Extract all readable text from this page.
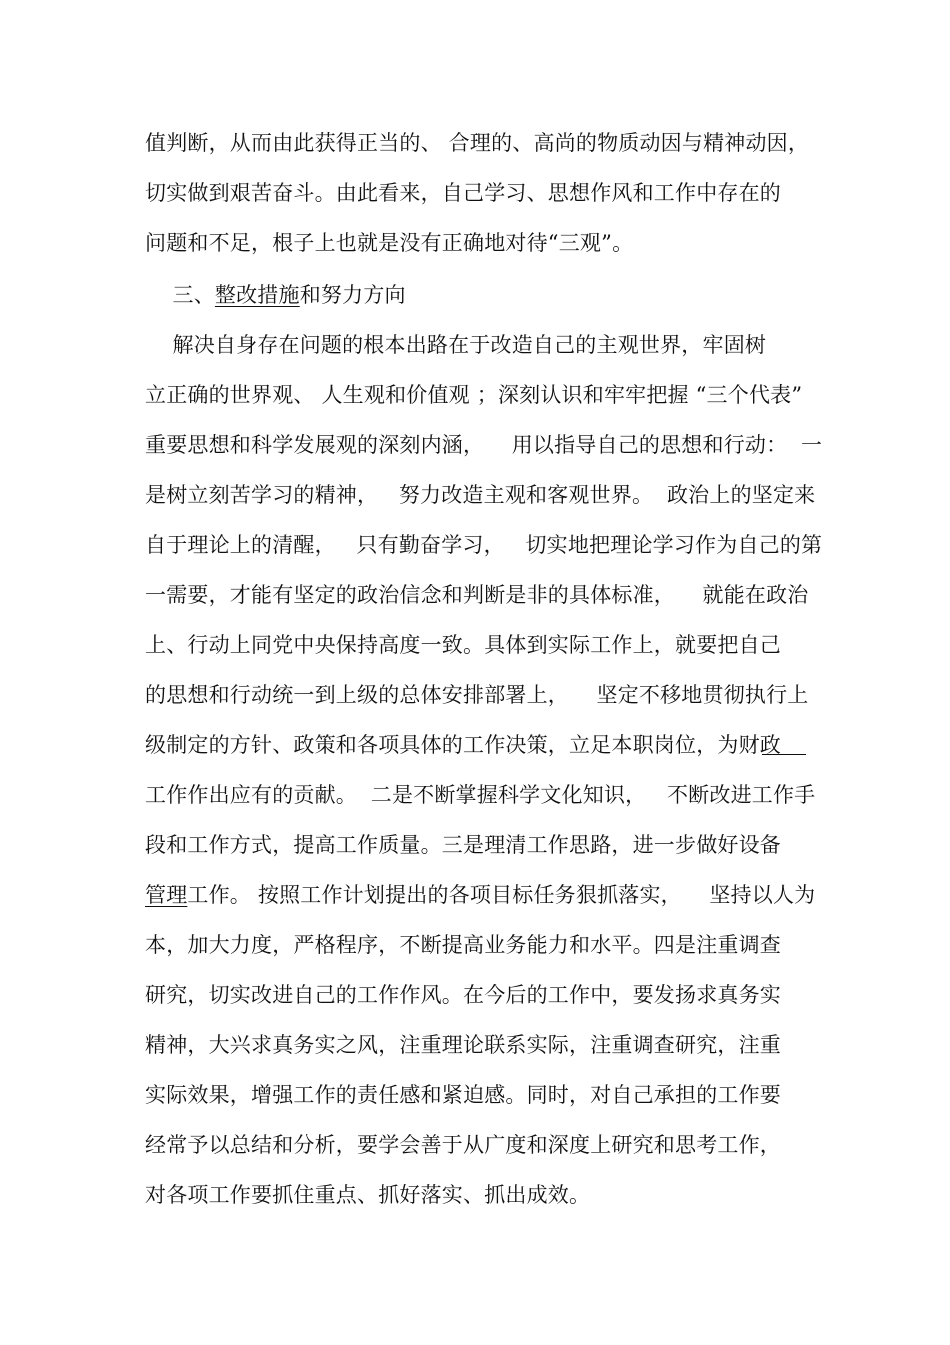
值判断，从而由此获得正当的、 合理的、高尚的物质动因与精神动因，
切实做到艰苦奋斗。由此看来，自己学习、思想作风和工作中存在的
问题和不足，根子上也就是没有正确地对待“三观”。
三、整改措施和努力方向
解决自身存在问题的根本出路在于改造自己的主观世界，牢固树
立正确的世界观、 人生观和价值观 ；深刻认识和牢牢把握 “三个代表”
重要思想和科学发展观的深刻内涵，    用以指导自己的思想和行动：  一
是树立刻苦学习的精神，   努力改造主观和客观世界。  政治上的坚定来
自于理论上的清醒，   只有勤奋学习，   切实地把理论学习作为自己的第
一需要，才能有坚定的政治信念和判断是非的具体标准，    就能在政治
上、行动上同党中央保持高度一致。具体到实际工作上，就要把自己
的思想和行动统一到上级的总体安排部署上，    坚定不移地贯彻执行上
级制定的方针、政策和各项具体的工作决策，立足本职岗位，为财政
工作作出应有的贡献。  二是不断掌握科学文化知识，   不断改进工作手
段和工作方式，提高工作质量。三是理清工作思路，进一步做好设备
管理工作。 按照工作计划提出的各项目标任务狠抓落实，    坚持以人为
本，加大力度，严格程序，不断提高业务能力和水平。四是注重调查
研究，切实改进自己的工作作风。在今后的工作中，要发扬求真务实
精神，大兴求真务实之风，注重理论联系实际，注重调查研究，注重
实际效果，增强工作的责任感和紧迫感。同时，对自己承担的工作要
经常予以总结和分析，要学会善于从广度和深度上研究和思考工作，
对各项工作要抓住重点、抓好落实、抓出成效。
